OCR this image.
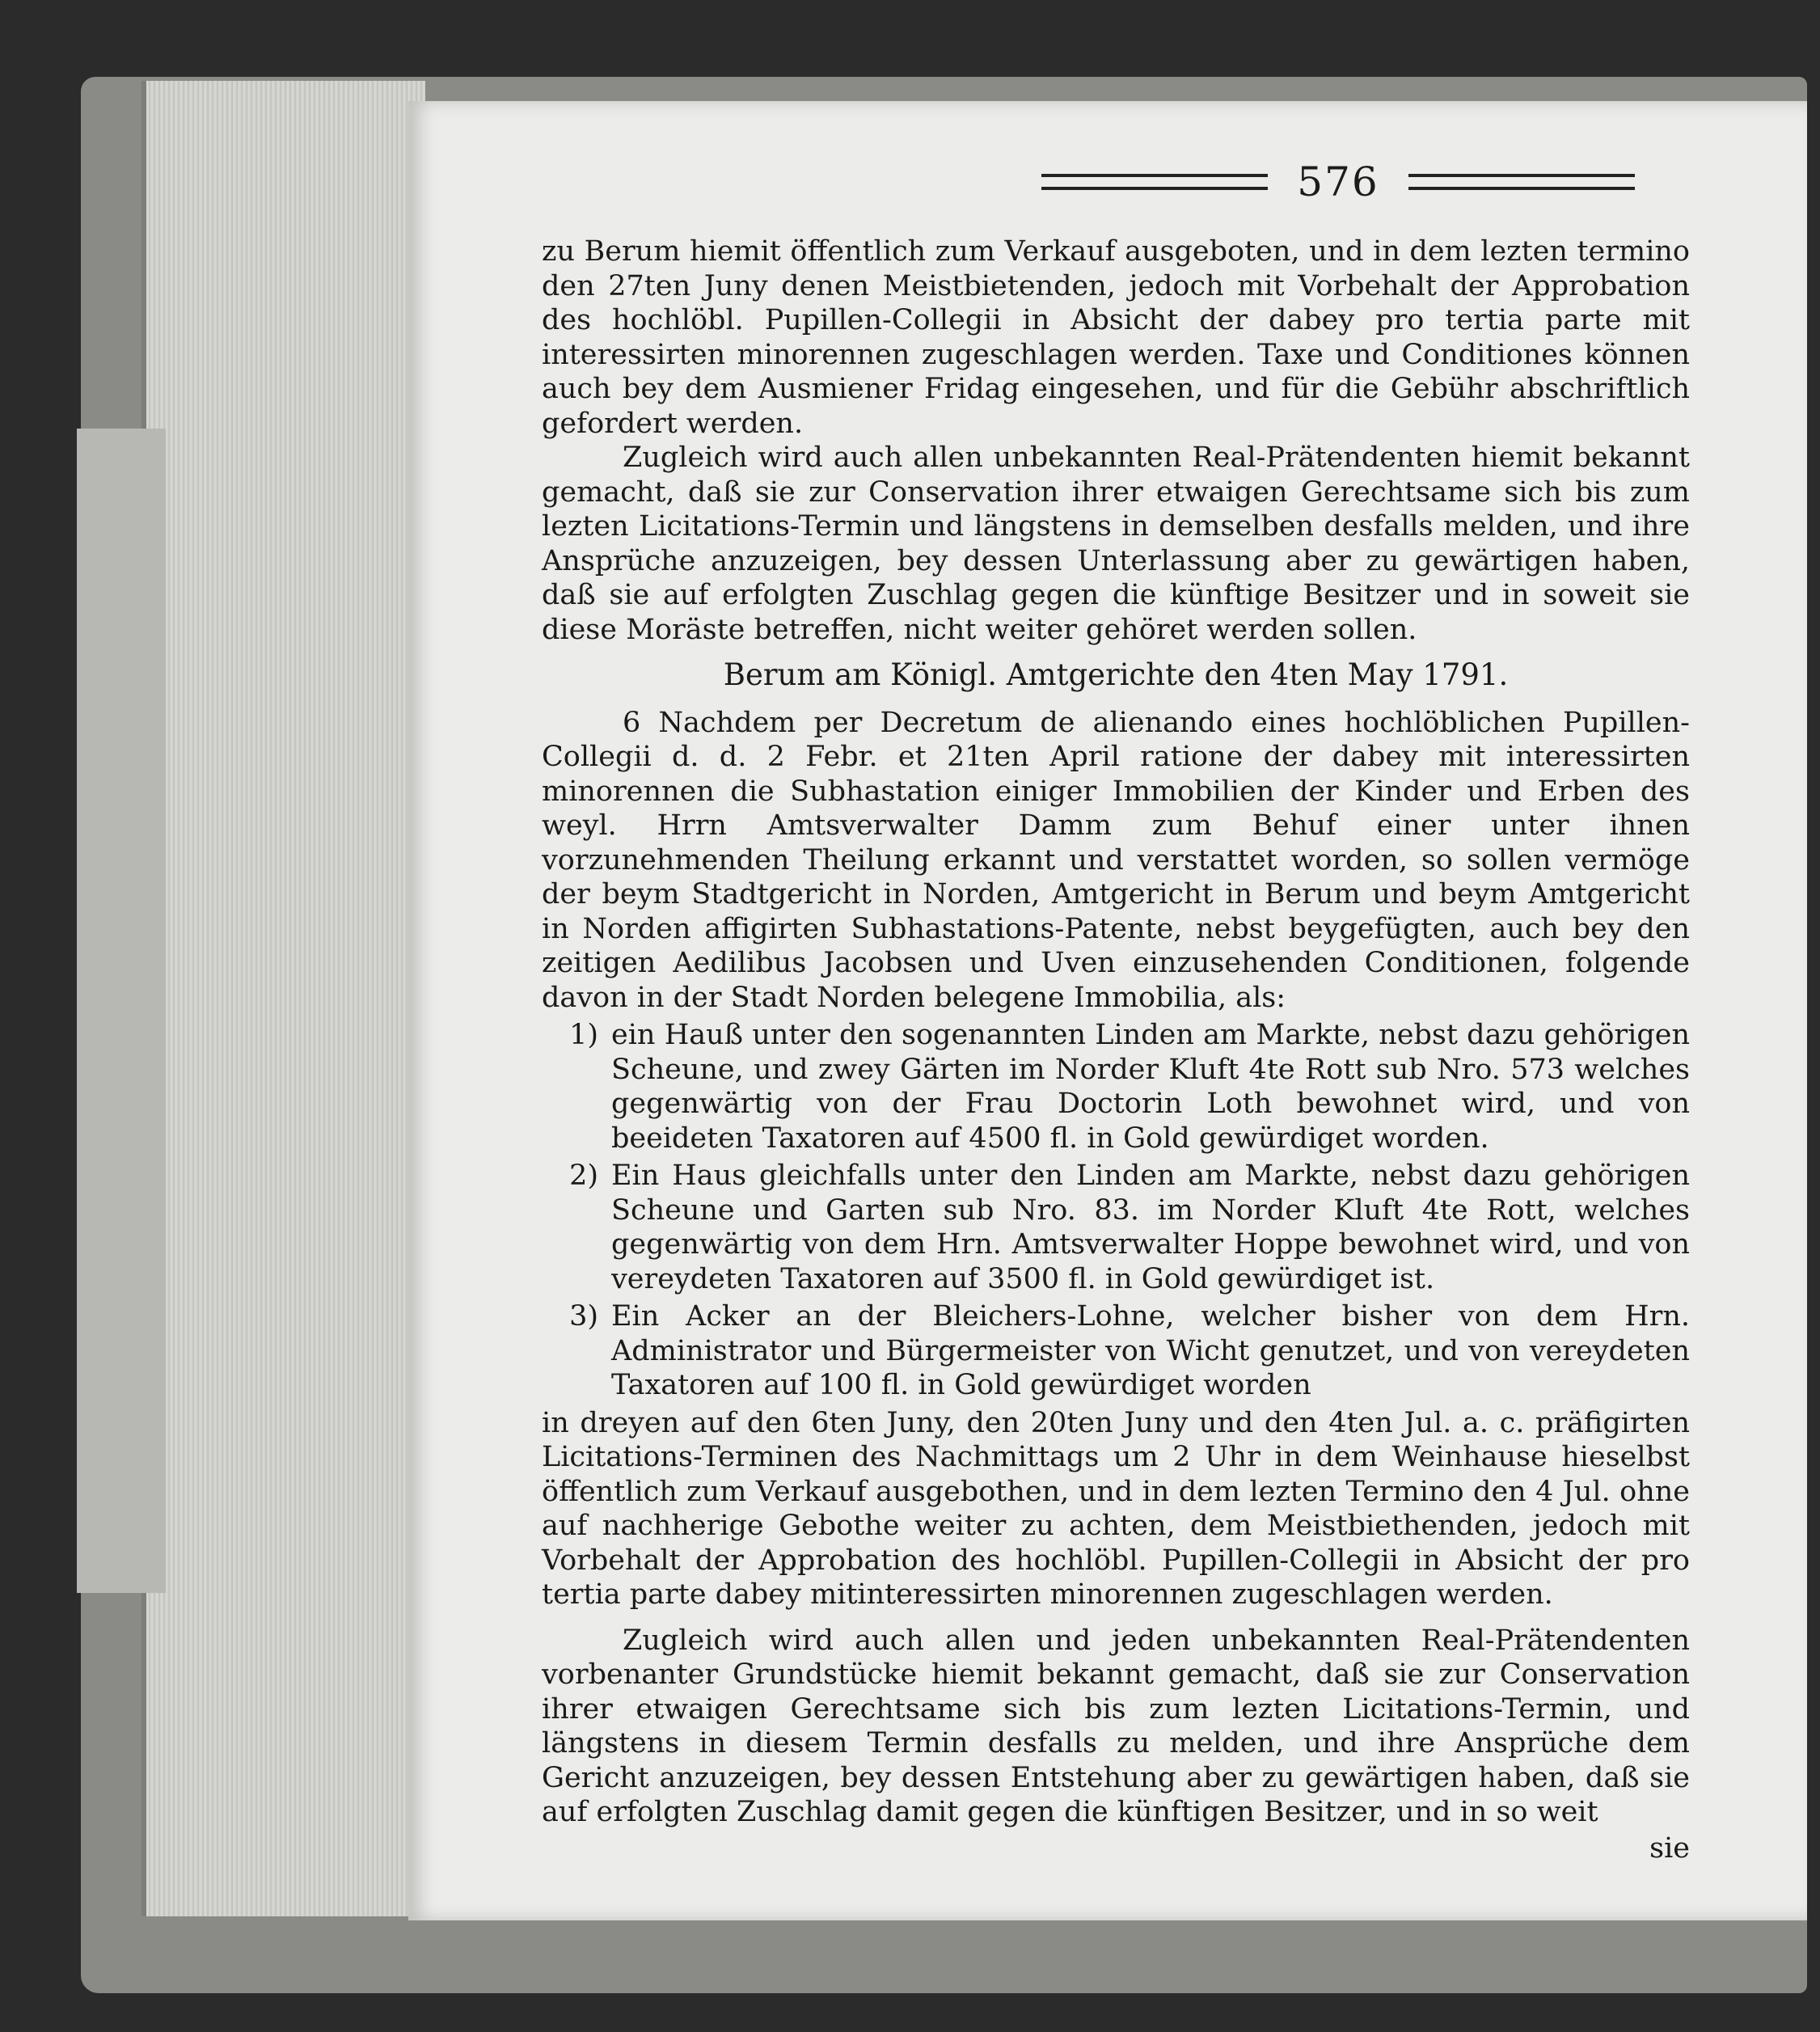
576

zu Berum hiemit öffentlich zum Verkauf ausgeboten, und in dem lezten termino den 27ten Juny denen Meistbietenden, jedoch mit Vorbehalt der Approbation des hochlöbl. Pupillen-Collegii in Absicht der dabey pro tertia parte mit interessirten minorennen zugeschlagen werden. Taxe und Conditiones können auch bey dem Ausmiener Fridag eingesehen, und für die Gebühr abschriftlich gefordert werden.

Zugleich wird auch allen unbekannten Real-Prätendenten hiemit bekannt gemacht, daß sie zur Conservation ihrer etwaigen Gerechtsame sich bis zum lezten Licitations-Termin und längstens in demselben desfalls melden, und ihre Ansprüche anzuzeigen, bey dessen Unterlassung aber zu gewärtigen haben, daß sie auf erfolgten Zuschlag gegen die künftige Besitzer und in soweit sie diese Moräste betreffen, nicht weiter gehöret werden sollen.

Berum am Königl. Amtgerichte den 4ten May 1791.

6 Nachdem per Decretum de alienando eines hochlöblichen Pupillen-Collegii d. d. 2 Febr. et 21ten April ratione der dabey mit interessirten minorennen die Subhastation einiger Immobilien der Kinder und Erben des weyl. Hrrn Amtsverwalter Damm zum Behuf einer unter ihnen vorzunehmenden Theilung erkannt und verstattet worden, so sollen vermöge der beym Stadtgericht in Norden, Amtgericht in Berum und beym Amtgericht in Norden affigirten Subhastations-Patente, nebst beygefügten, auch bey den zeitigen Aedilibus Jacobsen und Uven einzusehenden Conditionen, folgende davon in der Stadt Norden belegene Immobilia, als:

1) ein Hauß unter den sogenannten Linden am Markte, nebst dazu gehörigen Scheune, und zwey Gärten im Norder Kluft 4te Rott sub Nro. 573 welches gegenwärtig von der Frau Doctorin Loth bewohnet wird, und von beeideten Taxatoren auf 4500 fl. in Gold gewürdiget worden.
2) Ein Haus gleichfalls unter den Linden am Markte, nebst dazu gehörigen Scheune und Garten sub Nro. 83. im Norder Kluft 4te Rott, welches gegenwärtig von dem Hrn. Amtsverwalter Hoppe bewohnet wird, und von vereydeten Taxatoren auf 3500 fl. in Gold gewürdiget ist.
3) Ein Acker an der Bleichers-Lohne, welcher bisher von dem Hrn. Administrator und Bürgermeister von Wicht genutzet, und von vereydeten Taxatoren auf 100 fl. in Gold gewürdiget worden

in dreyen auf den 6ten Juny, den 20ten Juny und den 4ten Jul. a. c. präfigirten Licitations-Terminen des Nachmittags um 2 Uhr in dem Weinhause hieselbst öffentlich zum Verkauf ausgebothen, und in dem lezten Termino den 4 Jul. ohne auf nachherige Gebothe weiter zu achten, dem Meistbiethenden, jedoch mit Vorbehalt der Approbation des hochlöbl. Pupillen-Collegii in Absicht der pro tertia parte dabey mitinteressirten minorennen zugeschlagen werden.

Zugleich wird auch allen und jeden unbekannten Real-Prätendenten vorbenanter Grundstücke hiemit bekannt gemacht, daß sie zur Conservation ihrer etwaigen Gerechtsame sich bis zum lezten Licitations-Termin, und längstens in diesem Termin desfalls zu melden, und ihre Ansprüche dem Gericht anzuzeigen, bey dessen Entstehung aber zu gewärtigen haben, daß sie auf erfolgten Zuschlag damit gegen die künftigen Besitzer, und in so weit

sie
